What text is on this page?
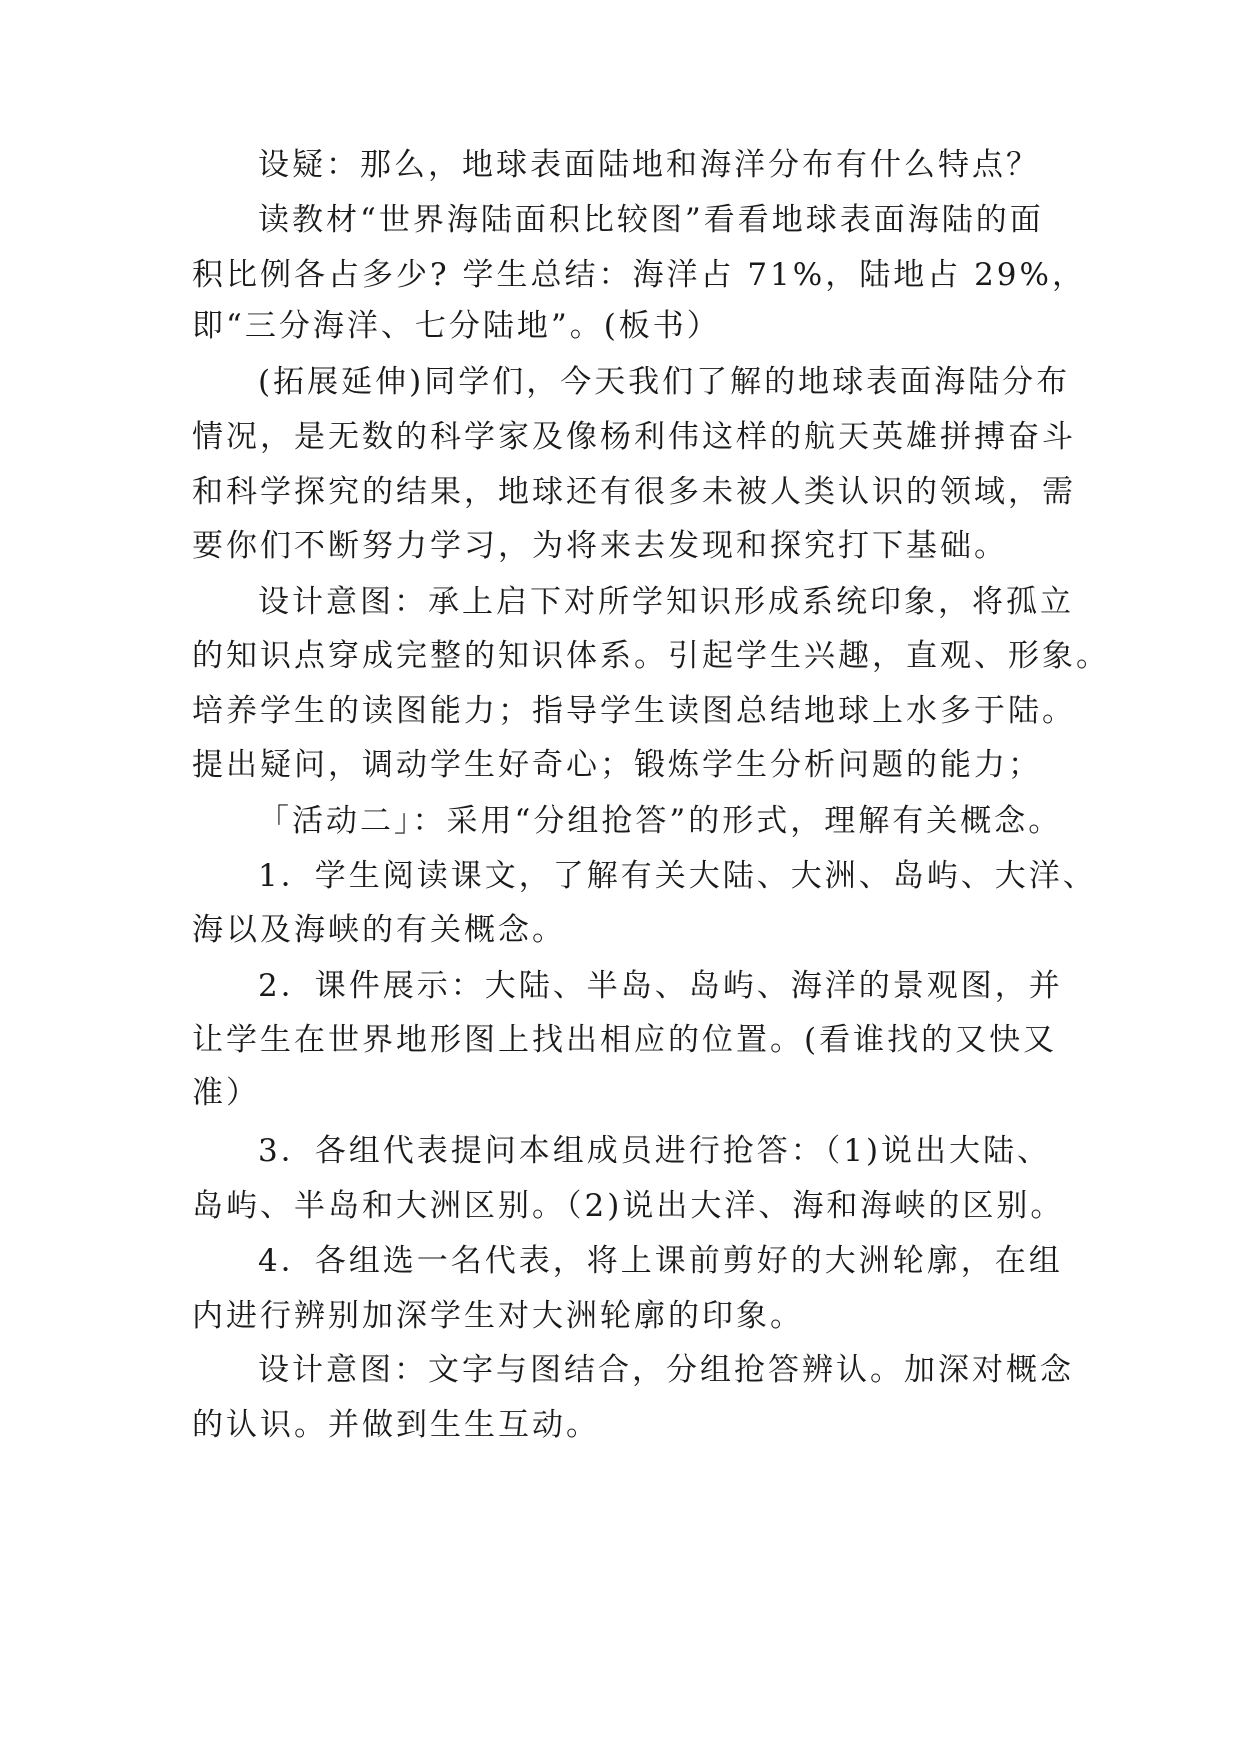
设疑：那么，地球表面陆地和海洋分布有什么特点？
读教材“世界海陆面积比较图”看看地球表面海陆的面
积比例各占多少? 学生总结：海洋占 71%，陆地占 29%，
即“三分海洋、七分陆地”。(板书）
(拓展延伸)同学们，今天我们了解的地球表面海陆分布
情况，是无数的科学家及像杨利伟这样的航天英雄拼搏奋斗
和科学探究的结果，地球还有很多未被人类认识的领域，需
要你们不断努力学习，为将来去发现和探究打下基础。
设计意图：承上启下对所学知识形成系统印象，将孤立
的知识点穿成完整的知识体系。引起学生兴趣，直观、形象。
培养学生的读图能力；指导学生读图总结地球上水多于陆。
提出疑问，调动学生好奇心；锻炼学生分析问题的能力；
「活动二」：采用“分组抢答”的形式，理解有关概念。
1．学生阅读课文，了解有关大陆、大洲、岛屿、大洋、
海以及海峡的有关概念。
2．课件展示：大陆、半岛、岛屿、海洋的景观图，并
让学生在世界地形图上找出相应的位置。(看谁找的又快又
准）
3．各组代表提问本组成员进行抢答：（1)说出大陆、
岛屿、半岛和大洲区别。（2)说出大洋、海和海峡的区别。
4．各组选一名代表，将上课前剪好的大洲轮廓，在组
内进行辨别加深学生对大洲轮廓的印象。
设计意图：文字与图结合，分组抢答辨认。加深对概念
的认识。并做到生生互动。
